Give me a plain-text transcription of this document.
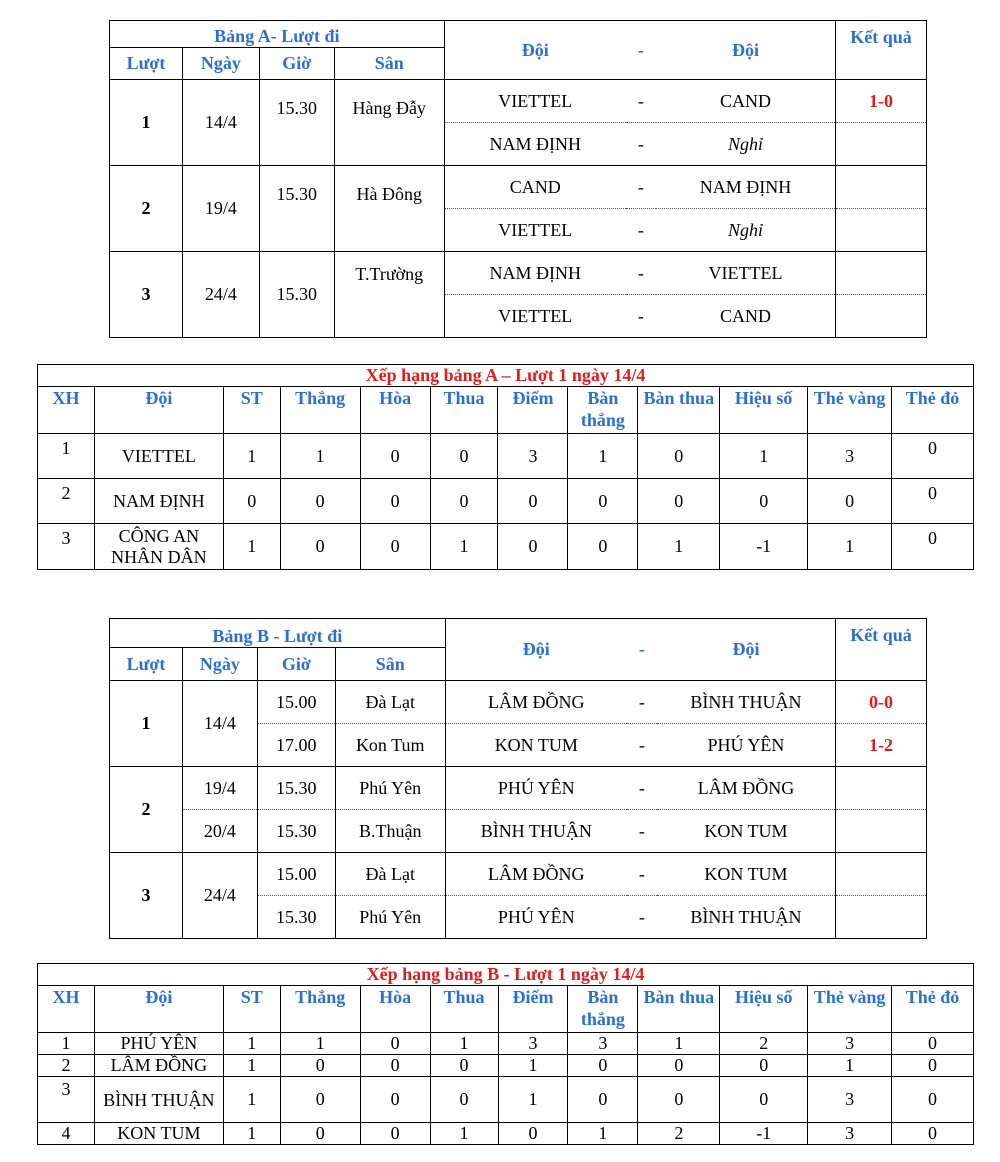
Bảng A- Lượt đi				Đội	-	Đội	Kết quả
Lượt	Ngày	Giờ	Sân				
1	14/4	15.30	Hàng Đẫy	VIETTEL	-	CAND	1-0
				NAM ĐỊNH	-	Nghỉ	
2	19/4	15.30	Hà Đông	CAND	-	NAM ĐỊNH	
				VIETTEL	-	Nghỉ	
3	24/4	15.30	T.Trường	NAM ĐỊNH	-	VIETTEL	
				VIETTEL	-	CAND	
Xếp hạng bảng A – Lượt 1 ngày 14/4											
XH	Đội	ST	Thắng	Hòa	Thua	Điểm	Bàn thắng	Bàn thua	Hiệu số	Thẻ vàng	Thẻ đỏ
1	VIETTEL	1	1	0	0	3	1	0	1	3	0
2	NAM ĐỊNH	0	0	0	0	0	0	0	0	0	0
3	CÔNG AN NHÂN DÂN	1	0	0	1	0	0	1	-1	1	0
Bảng B - Lượt đi				Đội	-	Đội	Kết quả
Lượt	Ngày	Giờ	Sân				
1	14/4	15.00	Đà Lạt	LÂM ĐỒNG	-	BÌNH THUẬN	0-0
		17.00	Kon Tum	KON TUM	-	PHÚ YÊN	1-2
2	19/4	15.30	Phú Yên	PHÚ YÊN	-	LÂM ĐỒNG	
	20/4	15.30	B.Thuận	BÌNH THUẬN	-	KON TUM	
3	24/4	15.00	Đà Lạt	LÂM ĐỒNG	-	KON TUM	
		15.30	Phú Yên	PHÚ YÊN	-	BÌNH THUẬN	
Xếp hạng bảng B - Lượt 1 ngày 14/4											
XH	Đội	ST	Thắng	Hòa	Thua	Điểm	Bàn thắng	Bàn thua	Hiệu số	Thẻ vàng	Thẻ đỏ
1	PHÚ YÊN	1	1	0	1	3	3	1	2	3	0
2	LÂM ĐỒNG	1	0	0	0	1	0	0	0	1	0
3	BÌNH THUẬN	1	0	0	0	1	0	0	0	3	0
4	KON TUM	1	0	0	1	0	1	2	-1	3	0
